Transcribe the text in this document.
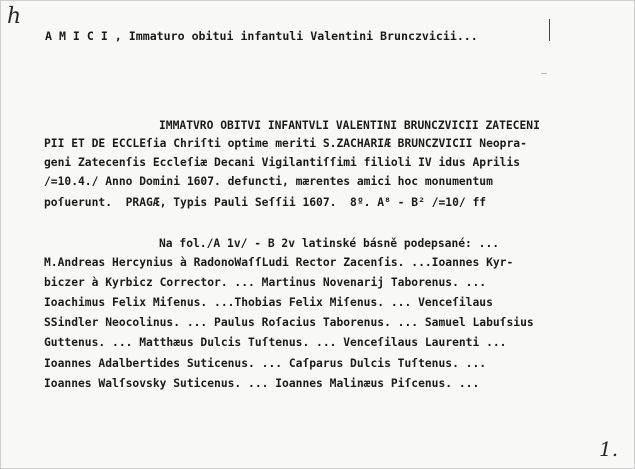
h
_
A M I C I , Immaturo obitui infantuli Valentini Brunczvicii...
IMMATVRO OBITVI INFANTVLI VALENTINI BRUNCZVICII ZATECENI
PII ET DE ECCLEſia Chriſti optime meriti S.ZACHARIÆ BRUNCZVICII Neopra-
geni Zatecenſis Eccleſiæ Decani Vigilantiſſimi filioli IV idus Aprilis
/=10.4./ Anno Domini 1607. defuncti, mærentes amici hoc monumentum
poſuerunt.  PRAGÆ, Typis Pauli Seſſii 1607.  8º. A⁸ - B² /=10/ ff
Na fol./A 1v/ - B 2v latinské básně podepsané: ...
M.Andreas Hercynius à RadonoWaſſLudi Rector Zacenſis. ...Ioannes Kyr-
biczer à Kyrbicz Corrector. ... Martinus Novenarij Taborenus. ...
Ioachimus Felix Miſenus. ...Thobias Felix Miſenus. ... Venceſilaus
SSindler Neocolinus. ... Paulus Roſacius Taborenus. ... Samuel Labuſsius
Guttenus. ... Matthæus Dulcis Tuſtenus. ... Venceſilaus Laurenti ...
Ioannes Adalbertides Suticenus. ... Caſparus Dulcis Tuſtenus. ...
Ioannes Walſsovsky Suticenus. ... Ioannes Malinæus Piſcenus. ...
1.
